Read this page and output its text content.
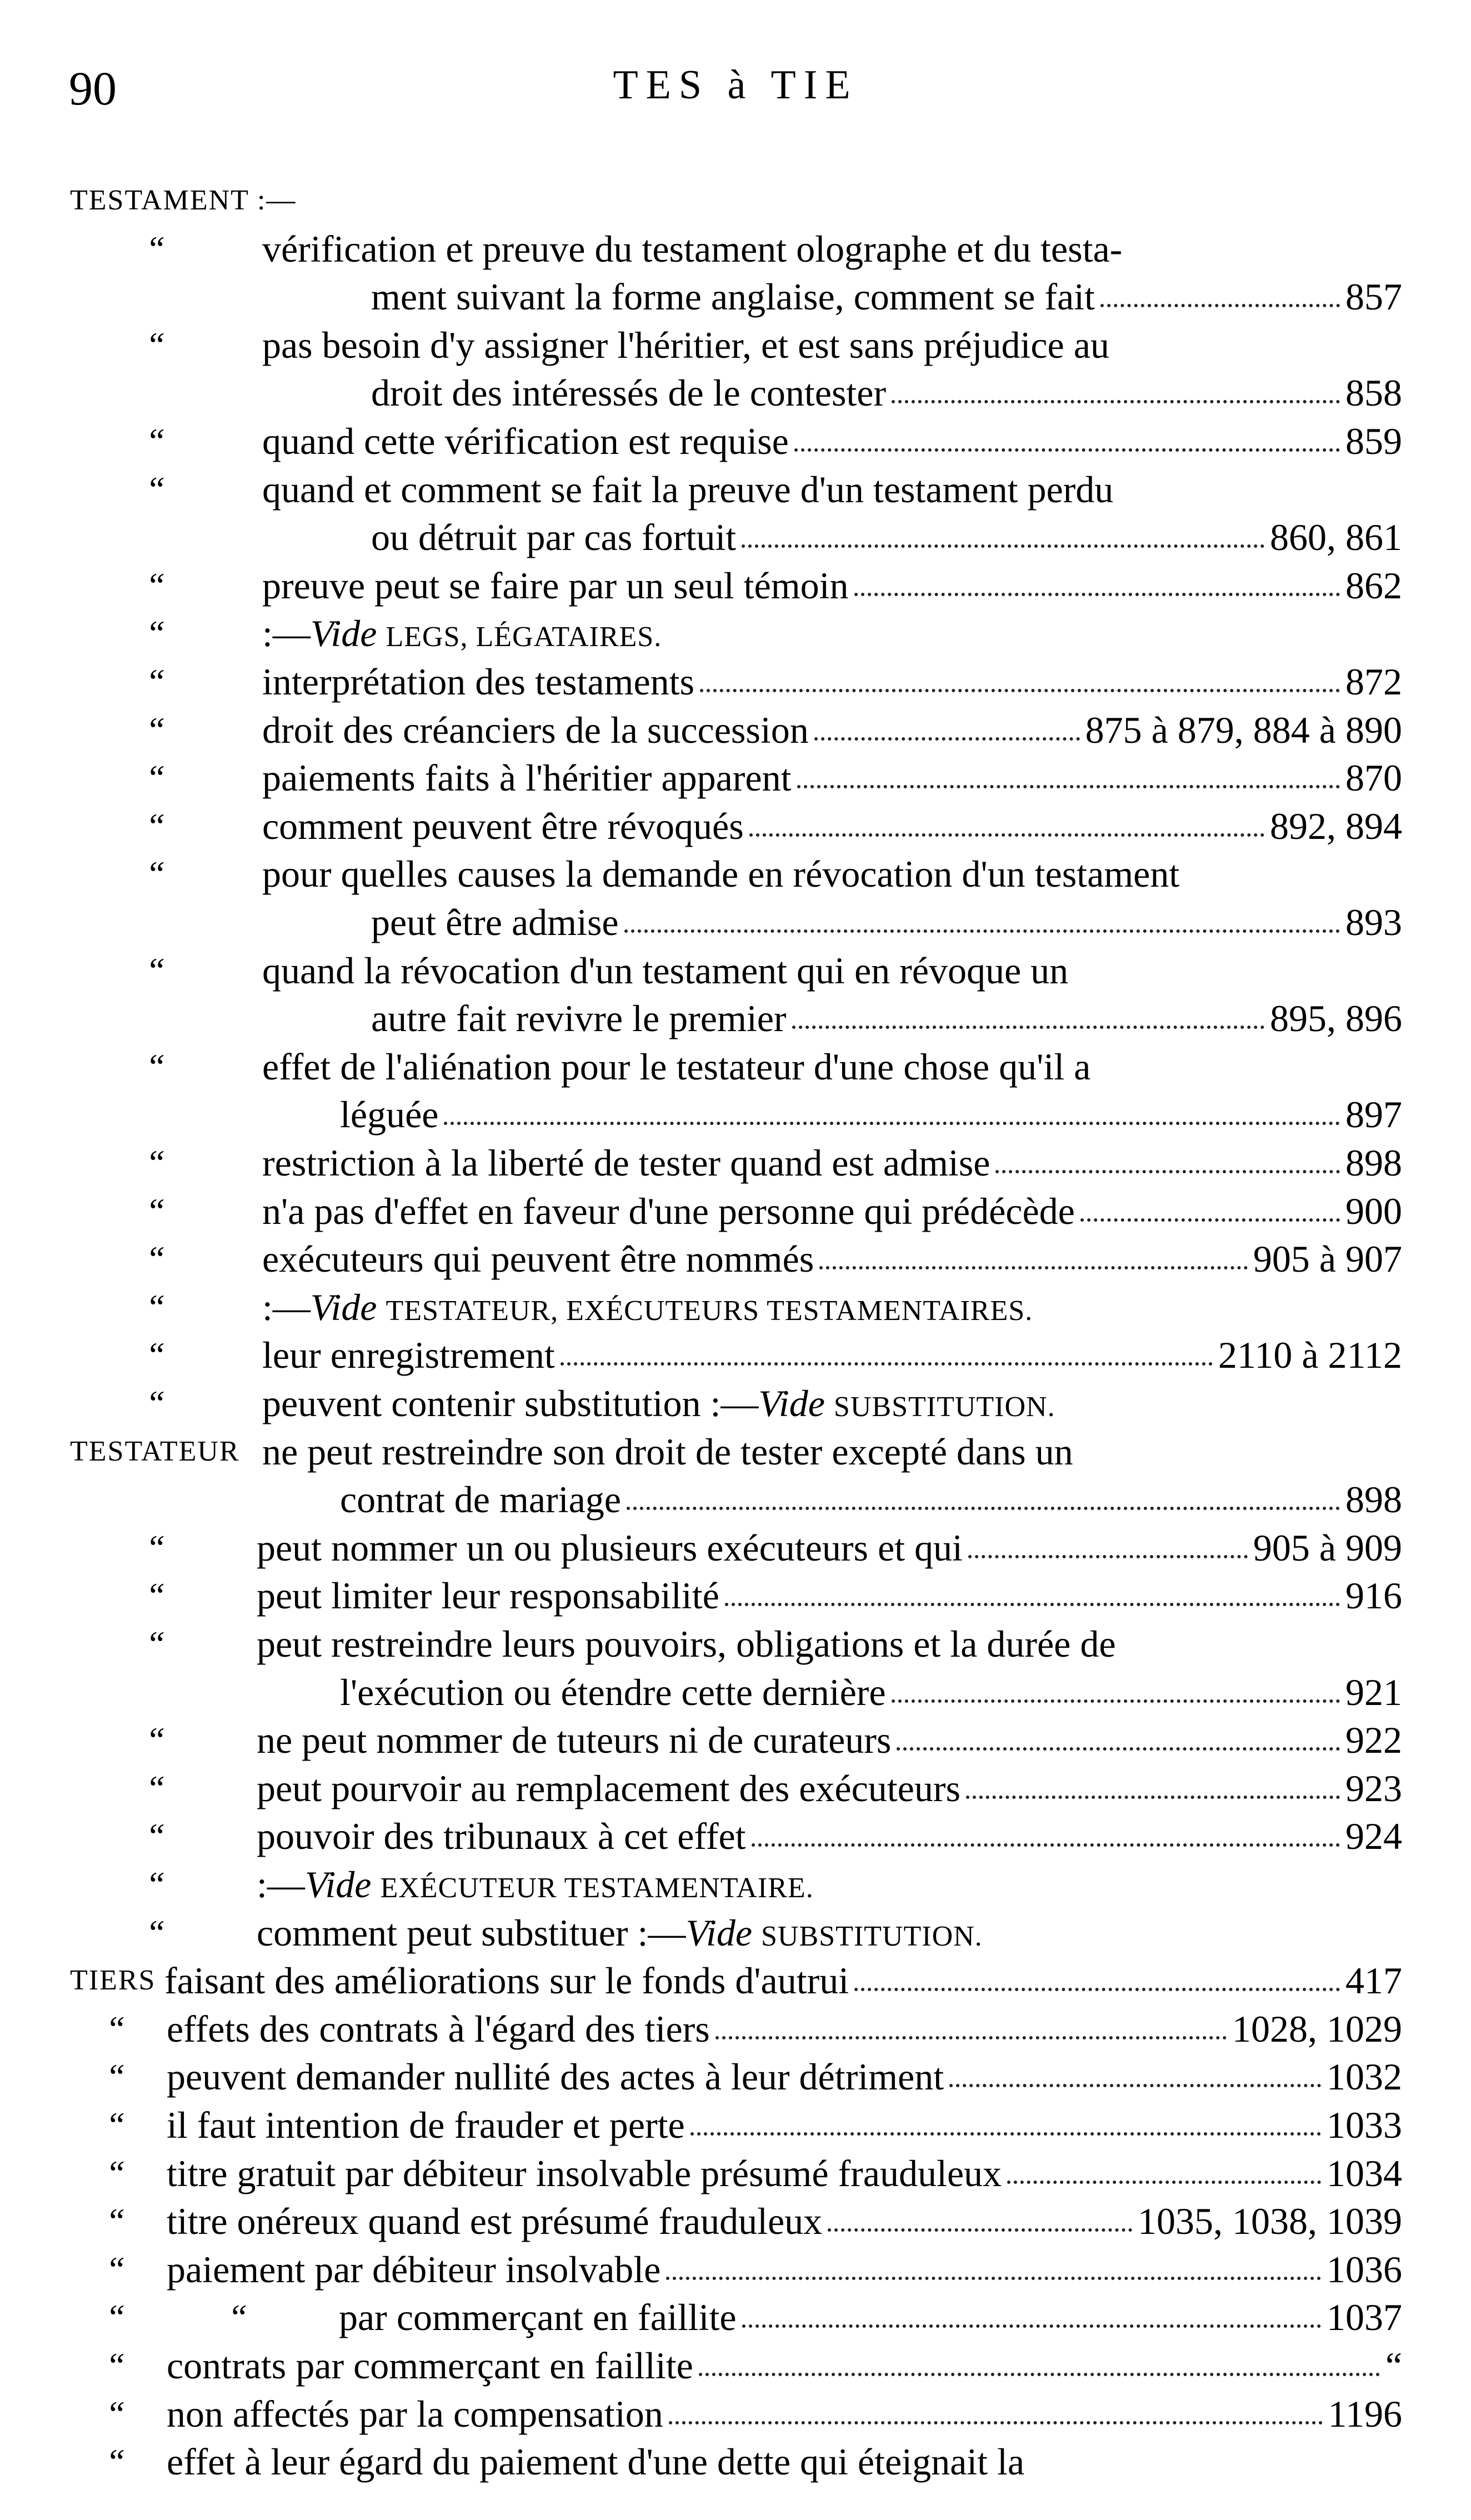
90	TES à TIE
TESTAMENT :—
“	vérification et preuve du testament olographe et du testa-
ment suivant la forme anglaise, comment se fait	857
“	pas besoin d'y assigner l'héritier, et est sans préjudice au
droit des intéressés de le contester	858
“	quand cette vérification est requise	859
“	quand et comment se fait la preuve d'un testament perdu
ou détruit par cas fortuit	860, 861
“	preuve peut se faire par un seul témoin	862
“	:— Vide LEGS, LÉGATAIRES.
“	interprétation des testaments	872
“	droit des créanciers de la succession	875 à 879, 884 à 890
“	paiements faits à l'héritier apparent	870
“	comment peuvent être révoqués	892, 894
“	pour quelles causes la demande en révocation d'un testament
peut être admise	893
“	quand la révocation d'un testament qui en révoque un
autre fait revivre le premier	895, 896
“	effet de l'aliénation pour le testateur d'une chose qu'il a
léguée	897
“	restriction à la liberté de tester quand est admise	898
“	n'a pas d'effet en faveur d'une personne qui prédécède	900
“	exécuteurs qui peuvent être nommés	905 à 907
“	:— Vide TESTATEUR, EXÉCUTEURS TESTAMENTAIRES.
“	leur enregistrement	2110 à 2112
“	peuvent contenir substitution :— Vide SUBSTITUTION.
TESTATEUR ne peut restreindre son droit de tester excepté dans un
contrat de mariage	898
“ peut nommer un ou plusieurs exécuteurs et qui	905 à 909
“ peut limiter leur responsabilité	916
“ peut restreindre leurs pouvoirs, obligations et la durée de
l'exécution ou étendre cette dernière	921
“ ne peut nommer de tuteurs ni de curateurs	922
“ peut pourvoir au remplacement des exécuteurs	923
“ pouvoir des tribunaux à cet effet	924
“ :— Vide EXÉCUTEUR TESTAMENTAIRE.
“ comment peut substituer :— Vide SUBSTITUTION.
TIERS faisant des améliorations sur le fonds d'autrui	417
“ effets des contrats à l'égard des tiers	1028, 1029
“ peuvent demander nullité des actes à leur détriment	1032
“ il faut intention de frauder et perte	1033
“ titre gratuit par débiteur insolvable présumé frauduleux	1034
“ titre onéreux quand est présumé frauduleux	1035, 1038, 1039
“ paiement par débiteur insolvable	1036
“	“ par commerçant en faillite	1037
“ contrats par commerçant en faillite	“
“ non affectés par la compensation	1196
“ effet à leur égard du paiement d'une dette qui éteignait la
